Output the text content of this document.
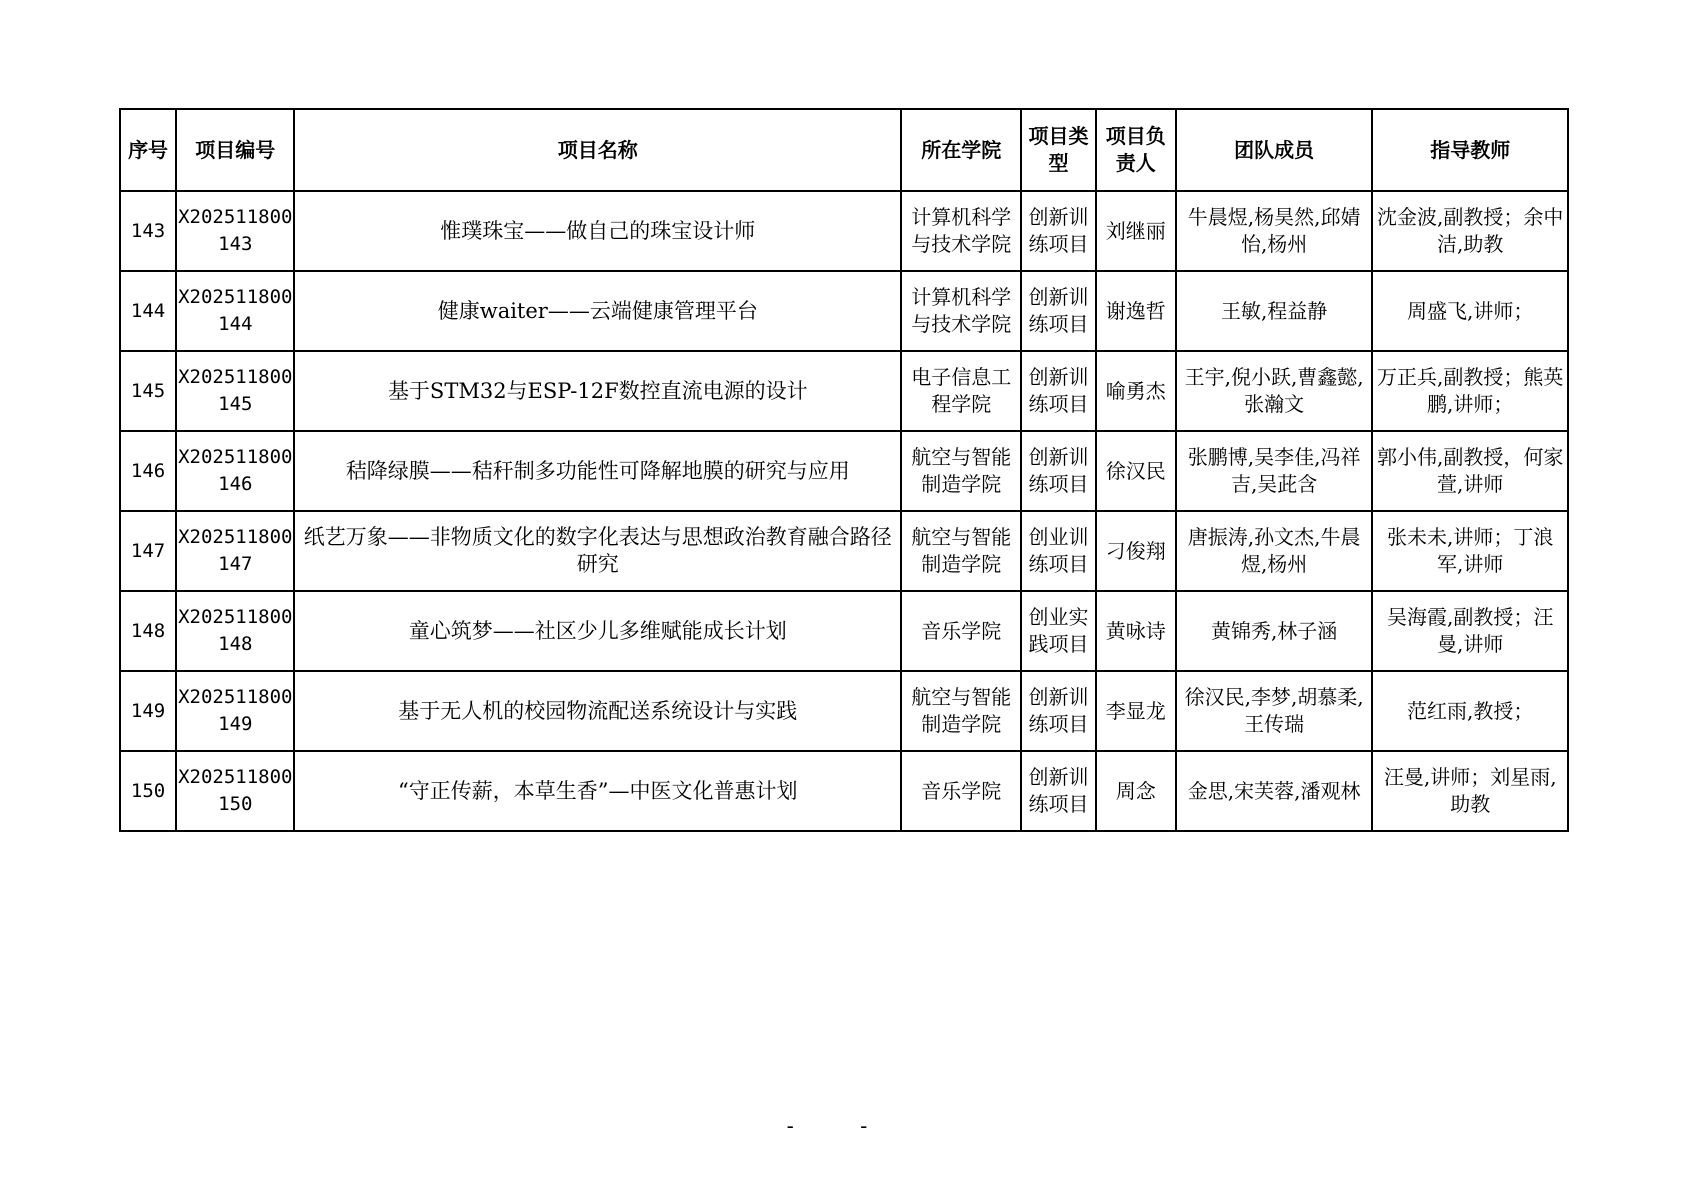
序号	项目编号	项目名称	所在学院	项目类型	项目负责人	团队成员	指导教师
143	X202511800143	惟璞珠宝——做自己的珠宝设计师	计算机科学与技术学院	创新训练项目	刘继丽	牛晨煜,杨昊然,邱婧怡,杨州	沈金波,副教授；余中洁,助教
144	X202511800144	健康waiter——云端健康管理平台	计算机科学与技术学院	创新训练项目	谢逸哲	王敏,程益静	周盛飞,讲师；
145	X202511800145	基于STM32与ESP-12F数控直流电源的设计	电子信息工程学院	创新训练项目	喻勇杰	王宇,倪小跃,曹鑫懿,张瀚文	万正兵,副教授；熊英鹏,讲师；
146	X202511800146	秸降绿膜——秸秆制多功能性可降解地膜的研究与应用	航空与智能制造学院	创新训练项目	徐汉民	张鹏博,吴李佳,冯祥吉,吴茈含	郭小伟,副教授，何家萱,讲师
147	X202511800147	纸艺万象——非物质文化的数字化表达与思想政治教育融合路径研究	航空与智能制造学院	创业训练项目	刁俊翔	唐振涛,孙文杰,牛晨煜,杨州	张未未,讲师；丁浪军,讲师
148	X202511800148	童心筑梦——社区少儿多维赋能成长计划	音乐学院	创业实践项目	黄咏诗	黄锦秀,林子涵	吴海霞,副教授；汪曼,讲师
149	X202511800149	基于无人机的校园物流配送系统设计与实践	航空与智能制造学院	创新训练项目	李显龙	徐汉民,李梦,胡慕柔,王传瑞	范红雨,教授；
150	X202511800150	“守正传薪，本草生香”—中医文化普惠计划	音乐学院	创新训练项目	周念	金思,宋芙蓉,潘观林	汪曼,讲师；刘星雨,助教
- -
